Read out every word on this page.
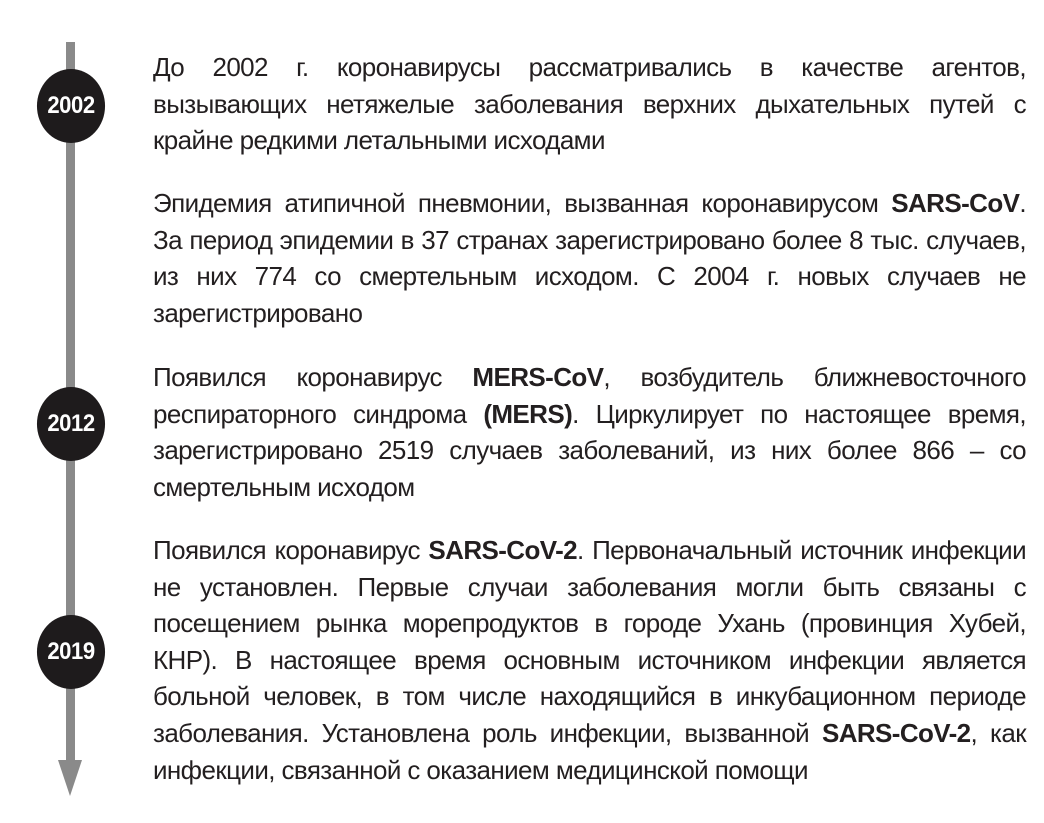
2002
2012
2019

До 2002 г. коронавирусы рассматривались в качестве агентов, вызывающих нетяжелые заболевания верхних дыхательных путей с крайне редкими летальными исходами

Эпидемия атипичной пневмонии, вызванная коронавирусом SARS-CoV. За период эпидемии в 37 странах зарегистрировано более 8 тыс. случаев, из них 774 со смертельным исходом. С 2004 г. новых случаев не зарегистрировано

Появился коронавирус MERS-CoV, возбудитель ближневосточного респираторного синдрома (MERS). Циркулирует по настоящее время, зарегистрировано 2519 случаев заболеваний, из них более 866 – со смертельным исходом

Появился коронавирус SARS-CoV-2. Первоначальный источник инфекции не установлен. Первые случаи заболевания могли быть связаны с посещением рынка морепродуктов в городе Ухань (провинция Хубей, КНР). В настоящее время основным источником инфекции является больной человек, в том числе находящийся в инкубационном периоде заболевания. Установлена роль инфекции, вызванной SARS-CoV-2, как инфекции, связанной с оказанием медицинской помощи
